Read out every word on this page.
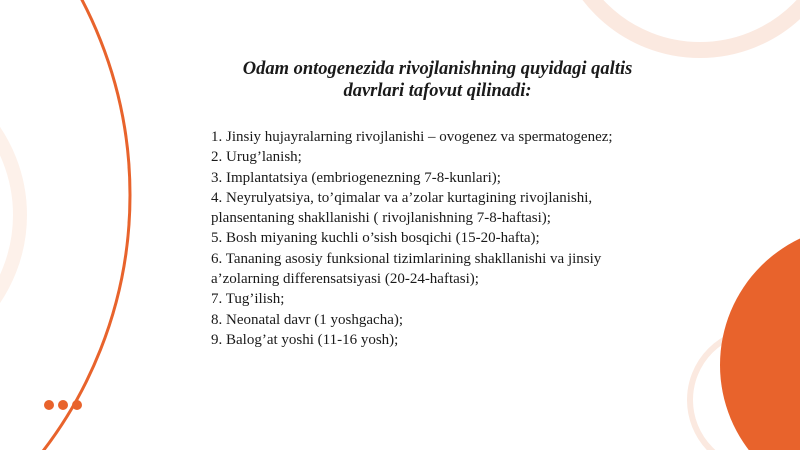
Odam ontogenezida rivojlanishning quyidagi qaltis
davrlari tafovut qilinadi:
1. Jinsiy hujayralarning rivojlanishi – ovogenez va spermatogenez;
2. Urug’lanish;
3. Implantatsiya (embriogenezning 7-8-kunlari);
4. Neyrulyatsiya, to’qimalar va a’zolar kurtagining rivojlanishi,
plansentaning shakllanishi ( rivojlanishning 7-8-haftasi);
5. Bosh miyaning kuchli o’sish bosqichi (15-20-hafta);
6. Tananing asosiy funksional tizimlarining shakllanishi va jinsiy
a’zolarning differensatsiyasi (20-24-haftasi);
7. Tug’ilish;
8. Neonatal davr (1 yoshgacha);
9. Balog’at yoshi (11-16 yosh);
